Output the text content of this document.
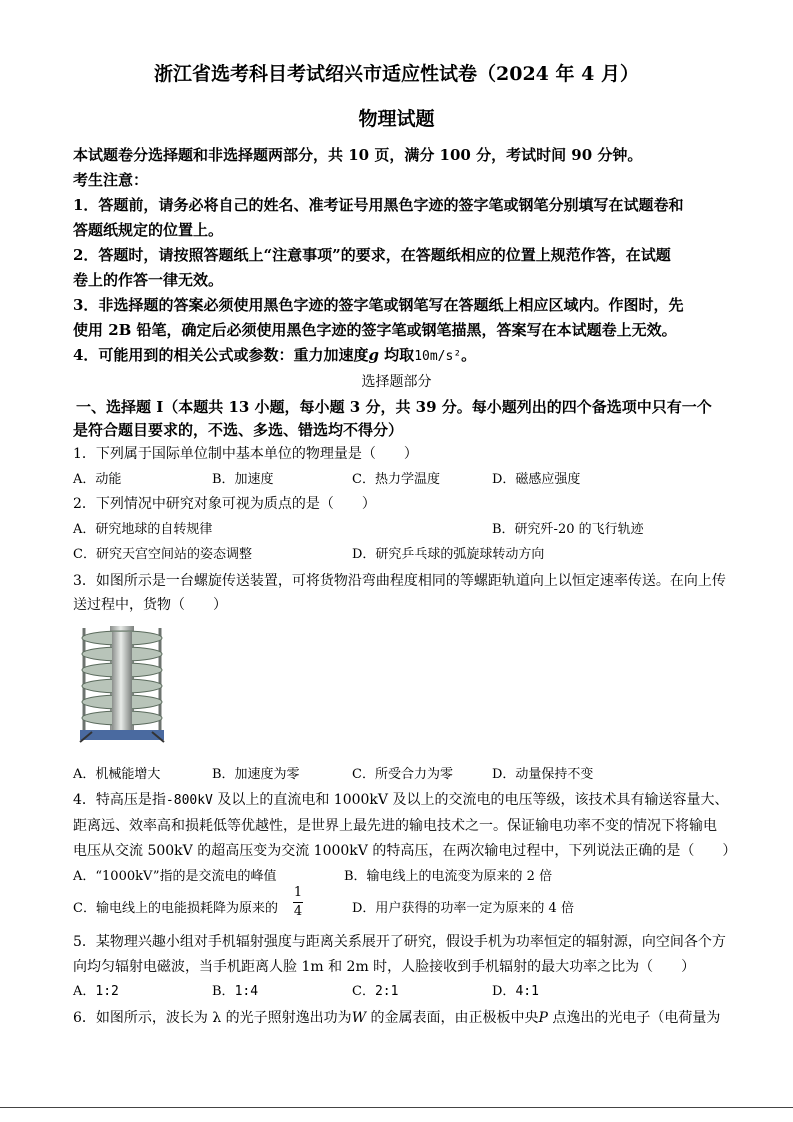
浙江省选考科目考试绍兴市适应性试卷（2024 年 4 月）
物理试题
本试题卷分选择题和非选择题两部分，共 10 页，满分 100 分，考试时间 90 分钟。
考生注意：
1．答题前，请务必将自己的姓名、准考证号用黑色字迹的签字笔或钢笔分别填写在试题卷和
答题纸规定的位置上。
2．答题时，请按照答题纸上“注意事项”的要求，在答题纸相应的位置上规范作答，在试题
卷上的作答一律无效。
3．非选择题的答案必须使用黑色字迹的签字笔或钢笔写在答题纸上相应区域内。作图时，先
使用 2B 铅笔，确定后必须使用黑色字迹的签字笔或钢笔描黑，答案写在本试题卷上无效。
4．可能用到的相关公式或参数：重力加速度g 均取10m/s²。
选择题部分
一、选择题 I（本题共 13 小题，每小题 3 分，共 39 分。每小题列出的四个备选项中只有一个
是符合题目要求的，不选、多选、错选均不得分）
1．下列属于国际单位制中基本单位的物理量是（　　）
A．动能	B．加速度	C．热力学温度	D．磁感应强度
2．下列情况中研究对象可视为质点的是（　　）
A．研究地球的自转规律	B．研究歼-20 的飞行轨迹
C．研究天宫空间站的姿态调整	D．研究乒乓球的弧旋球转动方向
3．如图所示是一台螺旋传送装置，可将货物沿弯曲程度相同的等螺距轨道向上以恒定速率传送。在向上传
送过程中，货物（　　）
A．机械能增大	B．加速度为零	C．所受合力为零	D．动量保持不变
4．特高压是指-800kV 及以上的直流电和 1000kV 及以上的交流电的电压等级，该技术具有输送容量大、
距离远、效率高和损耗低等优越性，是世界上最先进的输电技术之一。保证输电功率不变的情况下将输电
电压从交流 500kV 的超高压变为交流 1000kV 的特高压，在两次输电过程中，下列说法正确的是（　　）
A．“1000kV”指的是交流电的峰值	B．输电线上的电流变为原来的 2 倍
C．输电线上的电能损耗降为原来的
1
4	D．用户获得的功率一定为原来的 4 倍
5．某物理兴趣小组对手机辐射强度与距离关系展开了研究，假设手机为功率恒定的辐射源，向空间各个方
向均匀辐射电磁波，当手机距离人脸 1m 和 2m 时，人脸接收到手机辐射的最大功率之比为（　　）
A．1:2	B．1:4	C．2:1	D．4:1
6．如图所示，波长为 λ 的光子照射逸出功为W 的金属表面，由正极板中央P 点逸出的光电子（电荷量为
